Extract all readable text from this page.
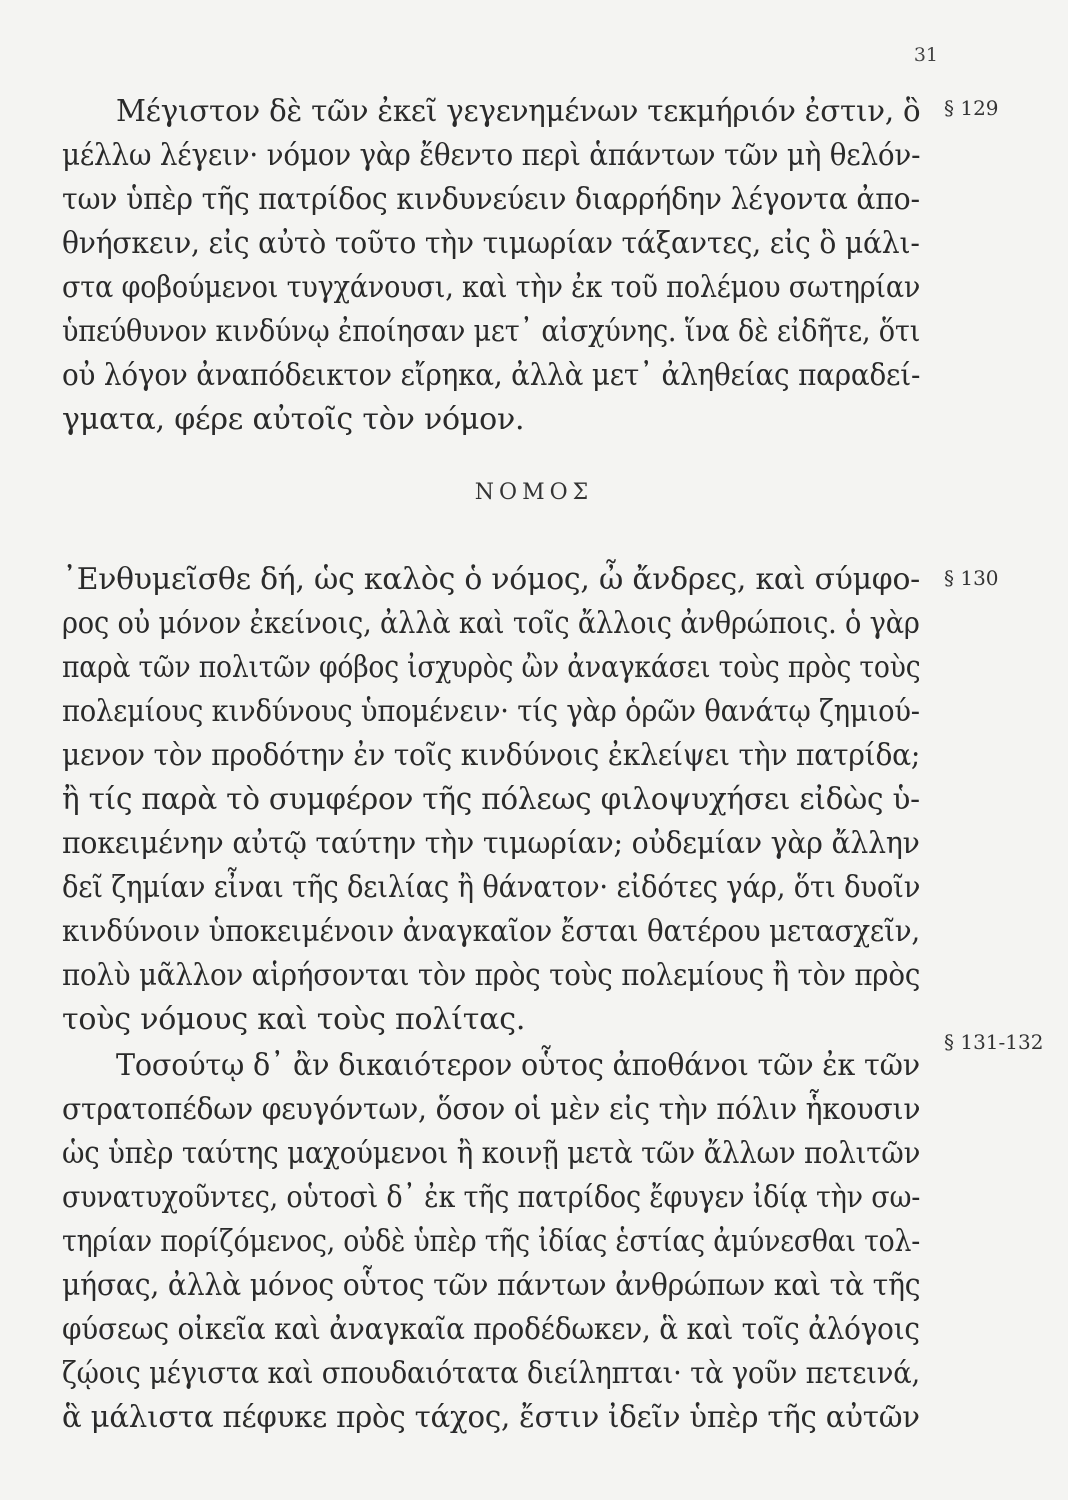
31
§ 129
Μέγιστον δὲ τῶν ἐκεῖ γεγενημένων τεκμήριόν ἐστιν, ὃ
μέλλω λέγειν· νόμον γὰρ ἔθεντο περὶ ἁπάντων τῶν μὴ θελόν-
των ὑπὲρ τῆς πατρίδος κινδυνεύειν διαρρήδην λέγοντα ἀπο-
θνήσκειν, εἰς αὐτὸ τοῦτο τὴν τιμωρίαν τάξαντες, εἰς ὃ μάλι-
στα φοβούμενοι τυγχάνουσι, καὶ τὴν ἐκ τοῦ πολέμου σωτηρίαν
ὑπεύθυνον κινδύνῳ ἐποίησαν μετ᾽ αἰσχύνης. ἵνα δὲ εἰδῆτε, ὅτι
οὐ λόγον ἀναπόδεικτον εἴρηκα, ἀλλὰ μετ᾽ ἀληθείας παραδεί-
γματα, φέρε αὐτοῖς τὸν νόμον.
ΝΟΜΟΣ
§ 130
᾿Ενθυμεῖσθε δή, ὡς καλὸς ὁ νόμος, ὦ ἄνδρες, καὶ σύμφο-
ρος οὐ μόνον ἐκείνοις, ἀλλὰ καὶ τοῖς ἄλλοις ἀνθρώποις. ὁ γὰρ
παρὰ τῶν πολιτῶν φόβος ἰσχυρὸς ὢν ἀναγκάσει τοὺς πρὸς τοὺς
πολεμίους κινδύνους ὑπομένειν· τίς γὰρ ὁρῶν θανάτῳ ζημιού-
μενον τὸν προδότην ἐν τοῖς κινδύνοις ἐκλείψει τὴν πατρίδα;
ἢ τίς παρὰ τὸ συμφέρον τῆς πόλεως φιλοψυχήσει εἰδὼς ὑ-
ποκειμένην αὐτῷ ταύτην τὴν τιμωρίαν; οὐδεμίαν γὰρ ἄλλην
δεῖ ζημίαν εἶναι τῆς δειλίας ἢ θάνατον· εἰδότες γάρ, ὅτι δυοῖν
κινδύνοιν ὑποκειμένοιν ἀναγκαῖον ἔσται θατέρου μετασχεῖν,
πολὺ μᾶλλον αἱρήσονται τὸν πρὸς τοὺς πολεμίους ἢ τὸν πρὸς
τοὺς νόμους καὶ τοὺς πολίτας.
§ 131-132
Τοσούτῳ δ᾽ ἂν δικαιότερον οὗτος ἀποθάνοι τῶν ἐκ τῶν
στρατοπέδων φευγόντων, ὅσον οἱ μὲν εἰς τὴν πόλιν ἧκουσιν
ὡς ὑπὲρ ταύτης μαχούμενοι ἢ κοινῇ μετὰ τῶν ἄλλων πολιτῶν
συνατυχοῦντες, οὑτοσὶ δ᾽ ἐκ τῆς πατρίδος ἔφυγεν ἰδίᾳ τὴν σω-
τηρίαν πορίζόμενος, οὐδὲ ὑπὲρ τῆς ἰδίας ἑστίας ἀμύνεσθαι τολ-
μήσας, ἀλλὰ μόνος οὗτος τῶν πάντων ἀνθρώπων καὶ τὰ τῆς
φύσεως οἰκεῖα καὶ ἀναγκαῖα προδέδωκεν, ἃ καὶ τοῖς ἀλόγοις
ζῴοις μέγιστα καὶ σπουδαιότατα διείληπται· τὰ γοῦν πετεινά,
ἃ μάλιστα πέφυκε πρὸς τάχος, ἔστιν ἰδεῖν ὑπὲρ τῆς αὐτῶν
